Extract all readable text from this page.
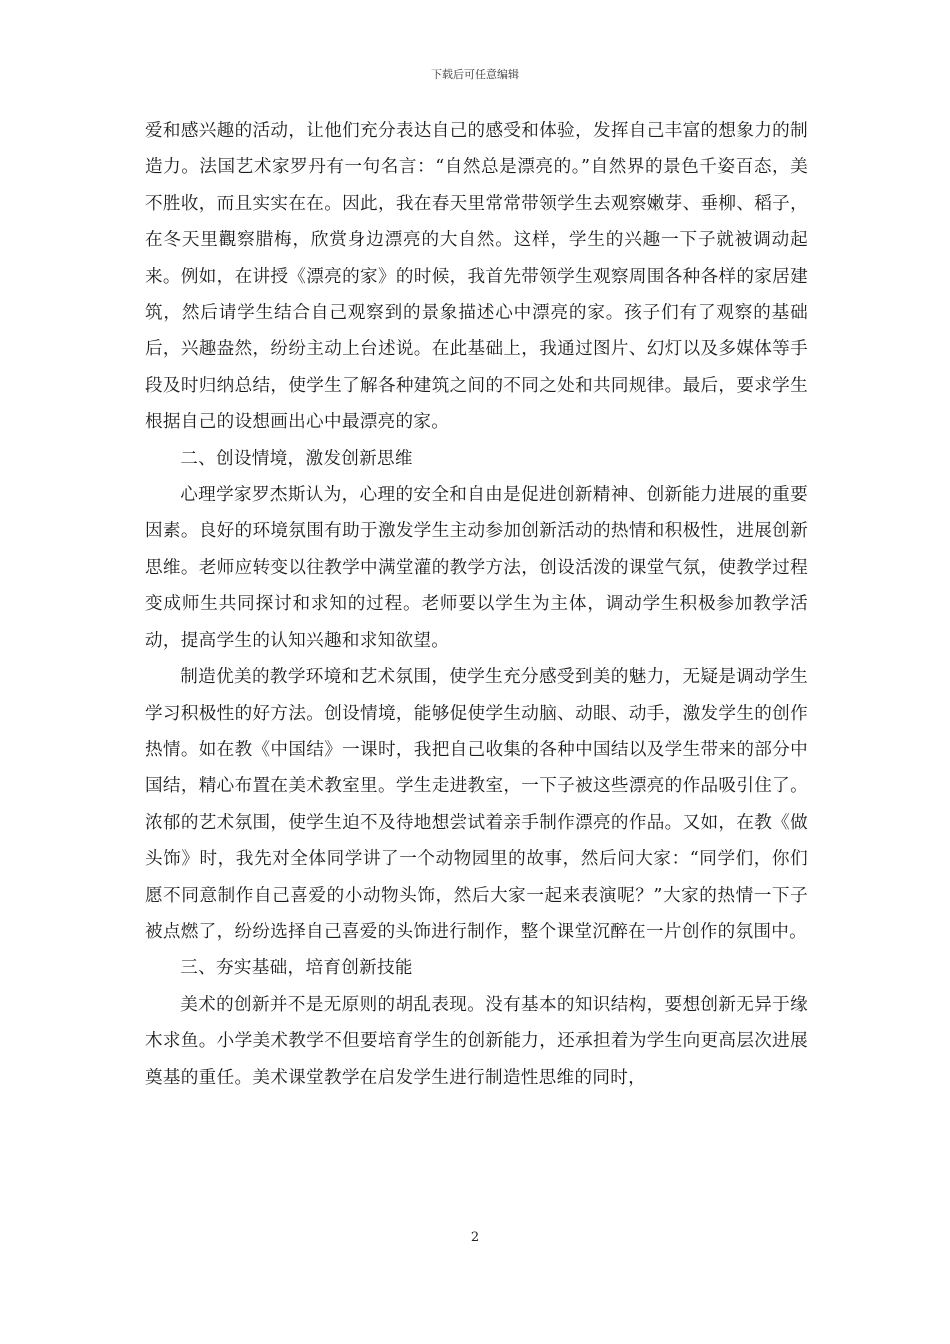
下载后可任意编辑

爱和感兴趣的活动，让他们充分表达自己的感受和体验，发挥自己丰富的想象力的制造力。法国艺术家罗丹有一句名言：“自然总是漂亮的。”自然界的景色千姿百态，美不胜收，而且实实在在。因此，我在春天里常常带领学生去观察嫩芽、垂柳、稻子，在冬天里觀察腊梅，欣赏身边漂亮的大自然。这样，学生的兴趣一下子就被调动起来。例如，在讲授《漂亮的家》的时候，我首先带领学生观察周围各种各样的家居建筑，然后请学生结合自己观察到的景象描述心中漂亮的家。孩子们有了观察的基础后，兴趣盎然，纷纷主动上台述说。在此基础上，我通过图片、幻灯以及多媒体等手段及时归纳总结，使学生了解各种建筑之间的不同之处和共同规律。最后，要求学生根据自己的设想画出心中最漂亮的家。

二、创设情境，激发创新思维

心理学家罗杰斯认为，心理的安全和自由是促进创新精神、创新能力进展的重要因素。良好的环境氛围有助于激发学生主动参加创新活动的热情和积极性，进展创新思维。老师应转变以往教学中满堂灌的教学方法，创设活泼的课堂气氛，使教学过程变成师生共同探讨和求知的过程。老师要以学生为主体，调动学生积极参加教学活动，提高学生的认知兴趣和求知欲望。

制造优美的教学环境和艺术氛围，使学生充分感受到美的魅力，无疑是调动学生学习积极性的好方法。创设情境，能够促使学生动脑、动眼、动手，激发学生的创作热情。如在教《中国结》一课时，我把自己收集的各种中国结以及学生带来的部分中国结，精心布置在美术教室里。学生走进教室，一下子被这些漂亮的作品吸引住了。浓郁的艺术氛围，使学生迫不及待地想尝试着亲手制作漂亮的作品。又如，在教《做头饰》时，我先对全体同学讲了一个动物园里的故事，然后问大家：“同学们，你们愿不同意制作自己喜爱的小动物头饰，然后大家一起来表演呢？”大家的热情一下子被点燃了，纷纷选择自己喜爱的头饰进行制作，整个课堂沉醉在一片创作的氛围中。

三、夯实基础，培育创新技能

美术的创新并不是无原则的胡乱表现。没有基本的知识结构，要想创新无异于缘木求鱼。小学美术教学不但要培育学生的创新能力，还承担着为学生向更高层次进展奠基的重任。美术课堂教学在启发学生进行制造性思维的同时，

2
